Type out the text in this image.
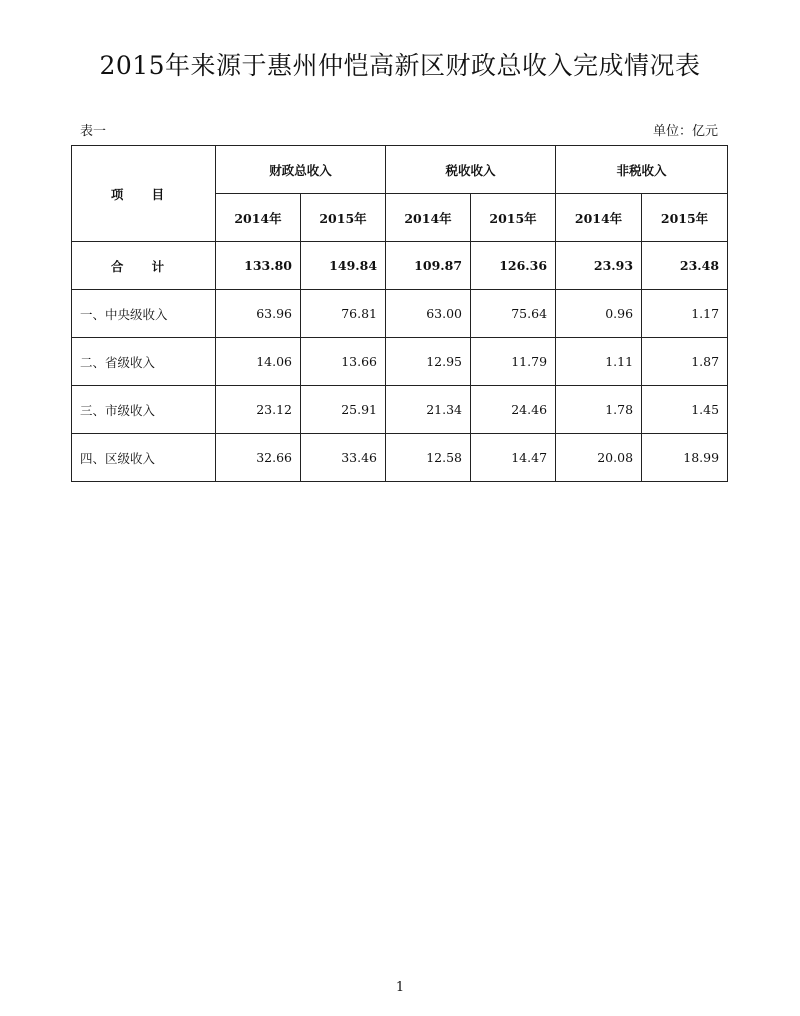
2015年来源于惠州仲恺高新区财政总收入完成情况表
表一	单位：亿元
项 目	财政总收入		税收收入		非税收入	
	2014年	2015年	2014年	2015年	2014年	2015年
合 计	133.80	149.84	109.87	126.36	23.93	23.48
一、中央级收入	63.96	76.81	63.00	75.64	0.96	1.17
二、省级收入	14.06	13.66	12.95	11.79	1.11	1.87
三、市级收入	23.12	25.91	21.34	24.46	1.78	1.45
四、区级收入	32.66	33.46	12.58	14.47	20.08	18.99
1
